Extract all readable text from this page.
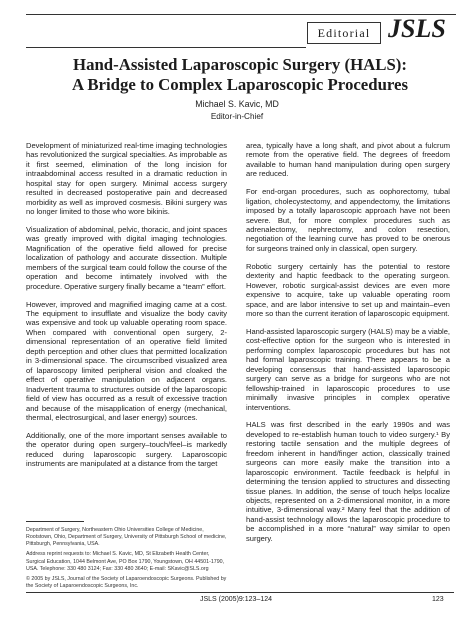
Editorial JSLS
Hand-Assisted Laparoscopic Surgery (HALS):
A Bridge to Complex Laparoscopic Procedures
Michael S. Kavic, MD
Editor-in-Chief

Development of miniaturized real-time imaging technologies has revolutionized the surgical specialties. As improbable as it first seemed, elimination of the long incision for intraabdominal access resulted in a dramatic reduction in hospital stay for open surgery. Minimal access surgery resulted in decreased postoperative pain and decreased morbidity as well as improved cosmesis. Bikini surgery was no longer limited to those who wore bikinis.

Visualization of abdominal, pelvic, thoracic, and joint spaces was greatly improved with digital imaging technologies. Magnification of the operative field allowed for precise localization of pathology and accurate dissection. Multiple members of the surgical team could follow the course of the operation and become intimately involved with the procedure. Operative surgery finally became a “team” effort.

However, improved and magnified imaging came at a cost. The equipment to insufflate and visualize the body cavity was expensive and took up valuable operating room space. When compared with conventional open surgery, 2-dimensional representation of an operative field limited depth perception and other clues that permitted localization in 3-dimensional space. The circumscribed visualized area of laparoscopy limited peripheral vision and cloaked the effect of operative manipulation on adjacent organs. Inadvertent trauma to structures outside of the laparoscopic field of view has occurred as a result of excessive traction and because of the misapplication of energy (mechanical, thermal, electrosurgical, and laser energy) sources.

Additionally, one of the more important senses available to the operator during open surgery–touch/feel–is markedly reduced during laparoscopic surgery. Laparoscopic instruments are manipulated at a distance from the target

area, typically have a long shaft, and pivot about a fulcrum remote from the operative field. The degrees of freedom available to human hand manipulation during open surgery are reduced.

For end-organ procedures, such as oophorectomy, tubal ligation, cholecystectomy, and appendectomy, the limitations imposed by a totally laparoscopic approach have not been severe. But, for more complex procedures such as adrenalectomy, nephrectomy, and colon resection, negotiation of the learning curve has proved to be onerous for surgeons trained only in classical, open surgery.

Robotic surgery certainly has the potential to restore dexterity and haptic feedback to the operating surgeon. However, robotic surgical-assist devices are even more expensive to acquire, take up valuable operating room space, and are labor intensive to set up and maintain–even more so than the current iteration of laparoscopic equipment.

Hand-assisted laparoscopic surgery (HALS) may be a viable, cost-effective option for the surgeon who is interested in performing complex laparoscopic procedures but has not had formal laparoscopic training. There appears to be a developing consensus that hand-assisted laparoscopic surgery can serve as a bridge for surgeons who are not fellowship-trained in laparoscopic procedures to use minimally invasive principles in complex operative interventions.

HALS was first described in the early 1990s and was developed to re-establish human touch to video surgery.¹ By restoring tactile sensation and the multiple degrees of freedom inherent in hand/finger action, classically trained surgeons can more easily make the transition into a laparoscopic environment. Tactile feedback is helpful in determining the tension applied to structures and dissecting tissue planes. In addition, the sense of touch helps localize objects, represented on a 2-dimensional monitor, in a more intuitive, 3-dimensional way.² Many feel that the addition of hand-assist technology allows the laparoscopic procedure to be accomplished in a more “natural” way similar to open surgery.

Department of Surgery, Northeastern Ohio Universities College of Medicine, Rootstown, Ohio, Department of Surgery, University of Pittsburgh School of medicine, Pittsburgh, Pennsylvania, USA.

Address reprint requests to: Michael S. Kavic, MD, St Elizabeth Health Center, Surgical Education, 1044 Belmont Ave, PO Box 1790, Youngstown, OH 44501-1790, USA. Telephone: 330 480 3124; Fax: 330 480 3640; E-mail: SKavic@SLS.org

© 2005 by JSLS, Journal of the Society of Laparoendoscopic Surgeons. Published by the Society of Laparoendoscopic Surgeons, Inc.

JSLS (2005)9:123–124	123
